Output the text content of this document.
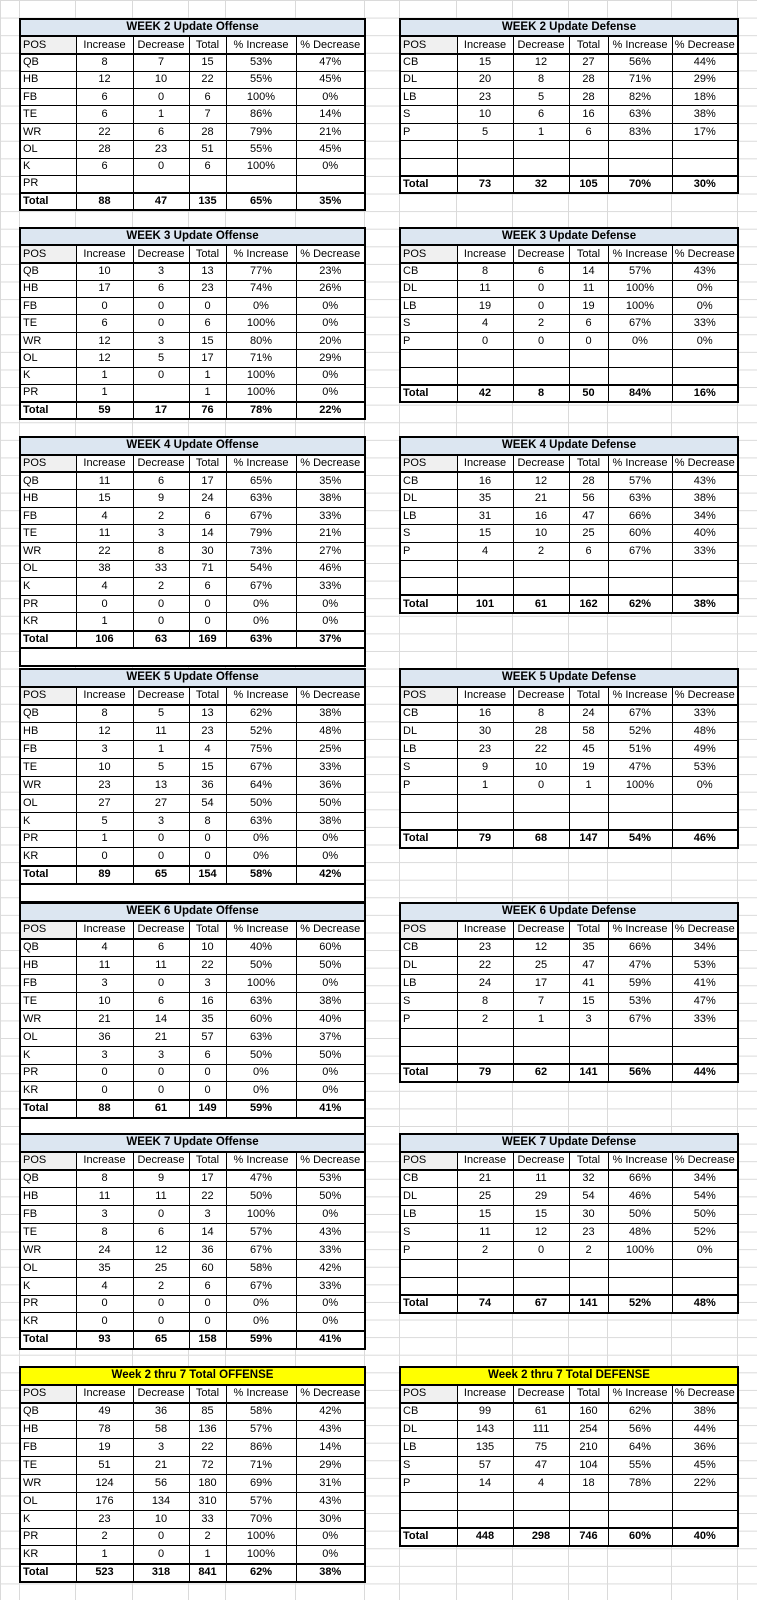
WEEK 2 Update Offense					
POS	Increase	Decrease	Total	% Increase	% Decrease
QB	8	7	15	53%	47%
HB	12	10	22	55%	45%
FB	6	0	6	100%	0%
TE	6	1	7	86%	14%
WR	22	6	28	79%	21%
OL	28	23	51	55%	45%
K	6	0	6	100%	0%
PR					
Total	88	47	135	65%	35%
WEEK 3 Update Offense					
POS	Increase	Decrease	Total	% Increase	% Decrease
QB	10	3	13	77%	23%
HB	17	6	23	74%	26%
FB	0	0	0	0%	0%
TE	6	0	6	100%	0%
WR	12	3	15	80%	20%
OL	12	5	17	71%	29%
K	1	0	1	100%	0%
PR	1		1	100%	0%
Total	59	17	76	78%	22%
WEEK 4 Update Offense					
POS	Increase	Decrease	Total	% Increase	% Decrease
QB	11	6	17	65%	35%
HB	15	9	24	63%	38%
FB	4	2	6	67%	33%
TE	11	3	14	79%	21%
WR	22	8	30	73%	27%
OL	38	33	71	54%	46%
K	4	2	6	67%	33%
PR	0	0	0	0%	0%
KR	1	0	0	0%	0%
Total	106	63	169	63%	37%

WEEK 5 Update Offense					
POS	Increase	Decrease	Total	% Increase	% Decrease
QB	8	5	13	62%	38%
HB	12	11	23	52%	48%
FB	3	1	4	75%	25%
TE	10	5	15	67%	33%
WR	23	13	36	64%	36%
OL	27	27	54	50%	50%
K	5	3	8	63%	38%
PR	1	0	0	0%	0%
KR	0	0	0	0%	0%
Total	89	65	154	58%	42%

WEEK 6 Update Offense					
POS	Increase	Decrease	Total	% Increase	% Decrease
QB	4	6	10	40%	60%
HB	11	11	22	50%	50%
FB	3	0	3	100%	0%
TE	10	6	16	63%	38%
WR	21	14	35	60%	40%
OL	36	21	57	63%	37%
K	3	3	6	50%	50%
PR	0	0	0	0%	0%
KR	0	0	0	0%	0%
Total	88	61	149	59%	41%

WEEK 7 Update Offense					
POS	Increase	Decrease	Total	% Increase	% Decrease
QB	8	9	17	47%	53%
HB	11	11	22	50%	50%
FB	3	0	3	100%	0%
TE	8	6	14	57%	43%
WR	24	12	36	67%	33%
OL	35	25	60	58%	42%
K	4	2	6	67%	33%
PR	0	0	0	0%	0%
KR	0	0	0	0%	0%
Total	93	65	158	59%	41%
Week 2 thru 7 Total OFFENSE					
POS	Increase	Decrease	Total	% Increase	% Decrease
QB	49	36	85	58%	42%
HB	78	58	136	57%	43%
FB	19	3	22	86%	14%
TE	51	21	72	71%	29%
WR	124	56	180	69%	31%
OL	176	134	310	57%	43%
K	23	10	33	70%	30%
PR	2	0	2	100%	0%
KR	1	0	1	100%	0%
Total	523	318	841	62%	38%
WEEK 2 Update Defense					
POS	Increase	Decrease	Total	% Increase	% Decrease
CB	15	12	27	56%	44%
DL	20	8	28	71%	29%
LB	23	5	28	82%	18%
S	10	6	16	63%	38%
P	5	1	6	83%	17%

Total	73	32	105	70%	30%
WEEK 3 Update Defense					
POS	Increase	Decrease	Total	% Increase	% Decrease
CB	8	6	14	57%	43%
DL	11	0	11	100%	0%
LB	19	0	19	100%	0%
S	4	2	6	67%	33%
P	0	0	0	0%	0%

Total	42	8	50	84%	16%
WEEK 4 Update Defense					
POS	Increase	Decrease	Total	% Increase	% Decrease
CB	16	12	28	57%	43%
DL	35	21	56	63%	38%
LB	31	16	47	66%	34%
S	15	10	25	60%	40%
P	4	2	6	67%	33%

Total	101	61	162	62%	38%
WEEK 5 Update Defense					
POS	Increase	Decrease	Total	% Increase	% Decrease
CB	16	8	24	67%	33%
DL	30	28	58	52%	48%
LB	23	22	45	51%	49%
S	9	10	19	47%	53%
P	1	0	1	100%	0%

Total	79	68	147	54%	46%
WEEK 6 Update Defense					
POS	Increase	Decrease	Total	% Increase	% Decrease
CB	23	12	35	66%	34%
DL	22	25	47	47%	53%
LB	24	17	41	59%	41%
S	8	7	15	53%	47%
P	2	1	3	67%	33%

Total	79	62	141	56%	44%
WEEK 7 Update Defense					
POS	Increase	Decrease	Total	% Increase	% Decrease
CB	21	11	32	66%	34%
DL	25	29	54	46%	54%
LB	15	15	30	50%	50%
S	11	12	23	48%	52%
P	2	0	2	100%	0%

Total	74	67	141	52%	48%
Week 2 thru 7 Total DEFENSE					
POS	Increase	Decrease	Total	% Increase	% Decrease
CB	99	61	160	62%	38%
DL	143	111	254	56%	44%
LB	135	75	210	64%	36%
S	57	47	104	55%	45%
P	14	4	18	78%	22%

Total	448	298	746	60%	40%
